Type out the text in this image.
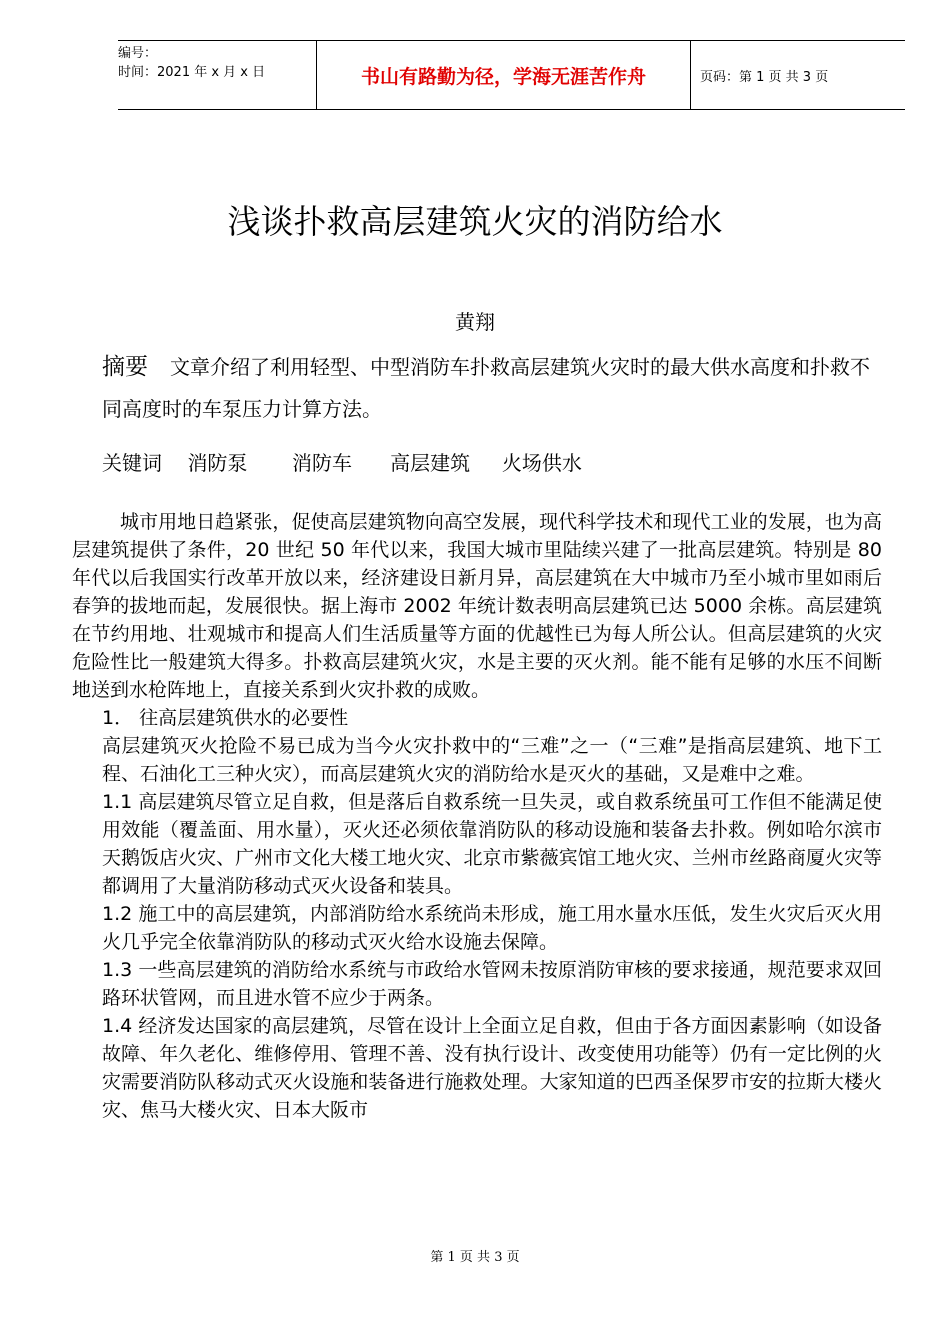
编号：
时间：2021 年 x 月 x 日	书山有路勤为径，学海无涯苦作舟	页码：第 1 页 共 3 页
浅谈扑救高层建筑火灾的消防给水
黄翔
摘要 文章介绍了利用轻型、中型消防车扑救高层建筑火灾时的最大供水高度和扑救不同高度时的车泵压力计算方法。
关键词 消防泵 消防车 高层建筑 火场供水

城市用地日趋紧张，促使高层建筑物向高空发展，现代科学技术和现代工业的发展，也为高层建筑提供了条件，20 世纪 50 年代以来，我国大城市里陆续兴建了一批高层建筑。特别是 80 年代以后我国实行改革开放以来，经济建设日新月异，高层建筑在大中城市乃至小城市里如雨后春笋的拔地而起，发展很快。据上海市 2002 年统计数表明高层建筑已达 5000 余栋。高层建筑在节约用地、壮观城市和提高人们生活质量等方面的优越性已为每人所公认。但高层建筑的火灾危险性比一般建筑大得多。扑救高层建筑火灾，水是主要的灭火剂。能不能有足够的水压不间断地送到水枪阵地上，直接关系到火灾扑救的成败。

1． 往高层建筑供水的必要性

高层建筑灭火抢险不易已成为当今火灾扑救中的“三难”之一（“三难”是指高层建筑、地下工程、石油化工三种火灾），而高层建筑火灾的消防给水是灭火的基础，又是难中之难。

1.1 高层建筑尽管立足自救，但是落后自救系统一旦失灵，或自救系统虽可工作但不能满足使用效能（覆盖面、用水量），灭火还必须依靠消防队的移动设施和装备去扑救。例如哈尔滨市天鹅饭店火灾、广州市文化大楼工地火灾、北京市紫薇宾馆工地火灾、兰州市丝路商厦火灾等都调用了大量消防移动式灭火设备和装具。

1.2 施工中的高层建筑，内部消防给水系统尚未形成，施工用水量水压低，发生火灾后灭火用火几乎完全依靠消防队的移动式灭火给水设施去保障。

1.3 一些高层建筑的消防给水系统与市政给水管网未按原消防审核的要求接通，规范要求双回路环状管网，而且进水管不应少于两条。

1.4 经济发达国家的高层建筑，尽管在设计上全面立足自救，但由于各方面因素影响（如设备故障、年久老化、维修停用、管理不善、没有执行设计、改变使用功能等）仍有一定比例的火灾需要消防队移动式灭火设施和装备进行施救处理。大家知道的巴西圣保罗市安的拉斯大楼火灾、焦马大楼火灾、日本大阪市

第 1 页 共 3 页
